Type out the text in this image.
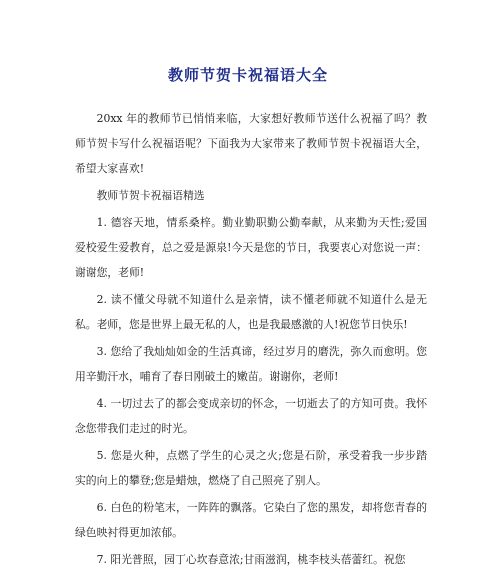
教师节贺卡祝福语大全

20xx 年的教师节已悄悄来临，大家想好教师节送什么祝福了吗？教师节贺卡写什么祝福语呢？下面我为大家带来了教师节贺卡祝福语大全，希望大家喜欢!

教师节贺卡祝福语精选

1. 德容天地，情系桑梓。勤业勤职勤公勤奉献，从来勤为天性;爱国爱校爱生爱教育，总之爱是源泉!今天是您的节日，我要衷心对您说一声：谢谢您，老师!

2. 读不懂父母就不知道什么是亲情，读不懂老师就不知道什么是无私。老师，您是世界上最无私的人，也是我最感激的人!祝您节日快乐!

3. 您给了我灿灿如金的生活真谛，经过岁月的磨洗，弥久而愈明。您用辛勤汗水，哺育了春日刚破土的嫩苗。谢谢你，老师!

4. 一切过去了的都会变成亲切的怀念，一切逝去了的方知可贵。我怀念您带我们走过的时光。

5. 您是火种，点燃了学生的心灵之火;您是石阶，承受着我一步步踏实的向上的攀登;您是蜡烛，燃烧了自己照亮了别人。

6. 白色的粉笔末，一阵阵的飘落。它染白了您的黑发，却将您青春的绿色映衬得更加浓郁。

7. 阳光普照，园丁心坎春意浓;甘雨滋润，桃李枝头蓓蕾红。祝您
